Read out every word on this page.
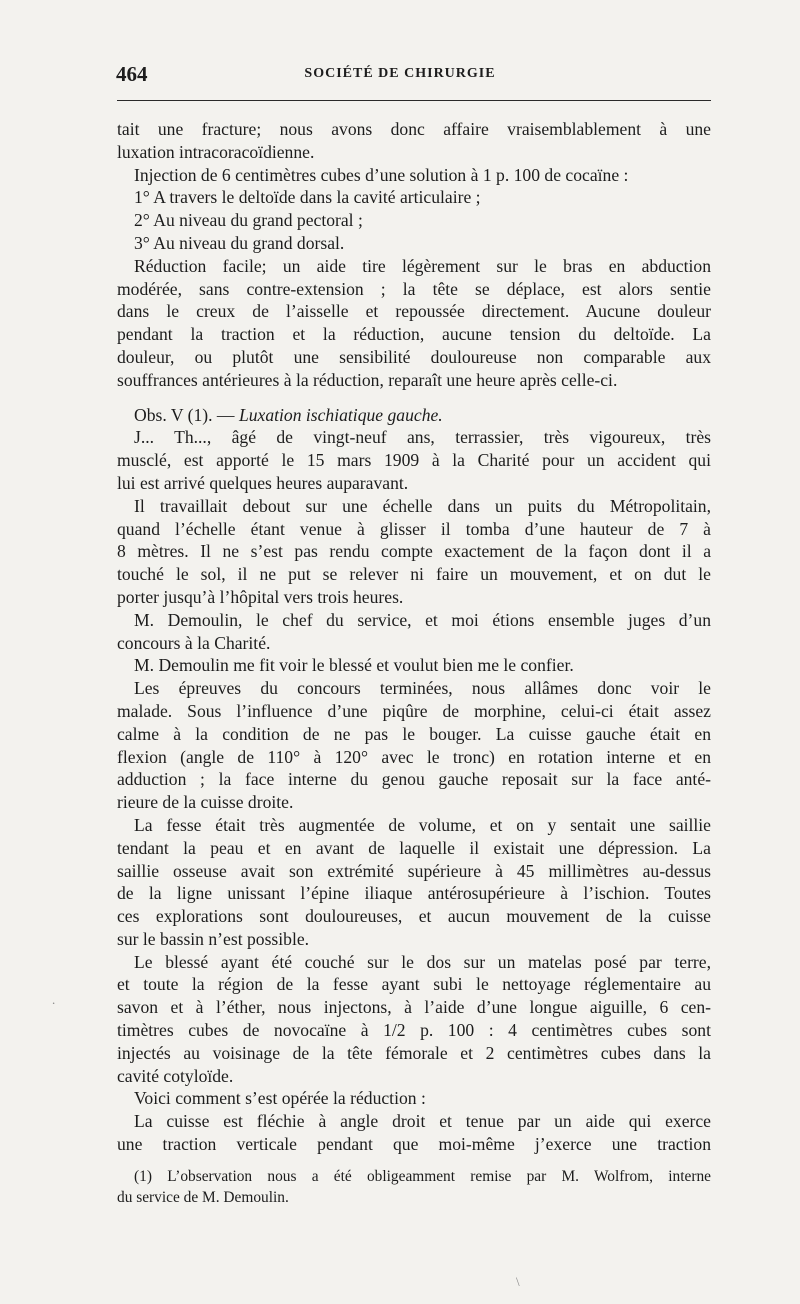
464	SOCIÉTÉ DE CHIRURGIE
tait une fracture; nous avons donc affaire vraisemblablement à une
luxation intracoracoïdienne.
Injection de 6 centimètres cubes d’une solution à 1 p. 100 de cocaïne :
1° A travers le deltoïde dans la cavité articulaire ;
2° Au niveau du grand pectoral ;
3° Au niveau du grand dorsal.
Réduction facile; un aide tire légèrement sur le bras en abduction
modérée, sans contre-extension ; la tête se déplace, est alors sentie
dans le creux de l’aisselle et repoussée directement. Aucune douleur
pendant la traction et la réduction, aucune tension du deltoïde. La
douleur, ou plutôt une sensibilité douloureuse non comparable aux
souffrances antérieures à la réduction, reparaît une heure après celle-ci.
Obs. V (1). — Luxation ischiatique gauche.
J... Th..., âgé de vingt-neuf ans, terrassier, très vigoureux, très
musclé, est apporté le 15 mars 1909 à la Charité pour un accident qui
lui est arrivé quelques heures auparavant.
Il travaillait debout sur une échelle dans un puits du Métropolitain,
quand l’échelle étant venue à glisser il tomba d’une hauteur de 7 à
8 mètres. Il ne s’est pas rendu compte exactement de la façon dont il a
touché le sol, il ne put se relever ni faire un mouvement, et on dut le
porter jusqu’à l’hôpital vers trois heures.
M. Demoulin, le chef du service, et moi étions ensemble juges d’un
concours à la Charité.
M. Demoulin me fit voir le blessé et voulut bien me le confier.
Les épreuves du concours terminées, nous allâmes donc voir le
malade. Sous l’influence d’une piqûre de morphine, celui-ci était assez
calme à la condition de ne pas le bouger. La cuisse gauche était en
flexion (angle de 110° à 120° avec le tronc) en rotation interne et en
adduction ; la face interne du genou gauche reposait sur la face anté-
rieure de la cuisse droite.
La fesse était très augmentée de volume, et on y sentait une saillie
tendant la peau et en avant de laquelle il existait une dépression. La
saillie osseuse avait son extrémité supérieure à 45 millimètres au-dessus
de la ligne unissant l’épine iliaque antérosupérieure à l’ischion. Toutes
ces explorations sont douloureuses, et aucun mouvement de la cuisse
sur le bassin n’est possible.
Le blessé ayant été couché sur le dos sur un matelas posé par terre,
et toute la région de la fesse ayant subi le nettoyage réglementaire au
savon et à l’éther, nous injectons, à l’aide d’une longue aiguille, 6 cen-
timètres cubes de novocaïne à 1/2 p. 100 : 4 centimètres cubes sont
injectés au voisinage de la tête fémorale et 2 centimètres cubes dans la
cavité cotyloïde.
Voici comment s’est opérée la réduction :
La cuisse est fléchie à angle droit et tenue par un aide qui exerce
une traction verticale pendant que moi-même j’exerce une traction
(1) L’observation nous a été obligeamment remise par M. Wolfrom, interne
du service de M. Demoulin.
.
\
